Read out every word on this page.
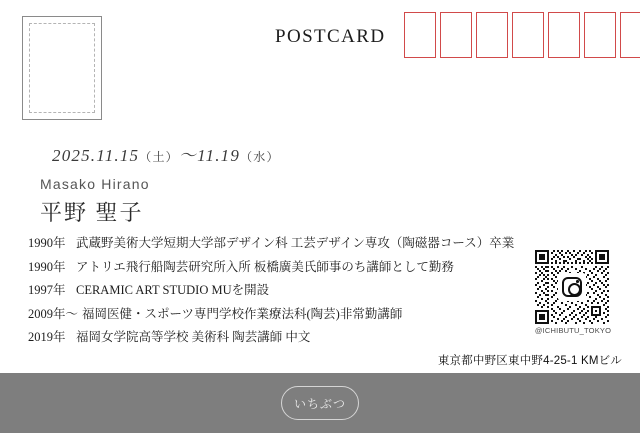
POSTCARD
2025.11.15（土）～11.19（水）
Masako Hirano
平野 聖子
1990年 武蔵野美術大学短期大学部デザイン科 工芸デザイン専攻（陶磁器コース）卒業
1990年 アトリエ飛行船陶芸研究所入所 板橋廣美氏師事のち講師として勤務
1997年 CERAMIC ART STUDIO MUを開設
2009年～ 福岡医健・スポーツ専門学校作業療法科(陶芸)非常勤講師
2019年 福岡女学院高等学校 美術科 陶芸講師 中文	@ICHIBUTU_TOKYO
東京都中野区東中野4-25-1 KMビル
いちぶつ
